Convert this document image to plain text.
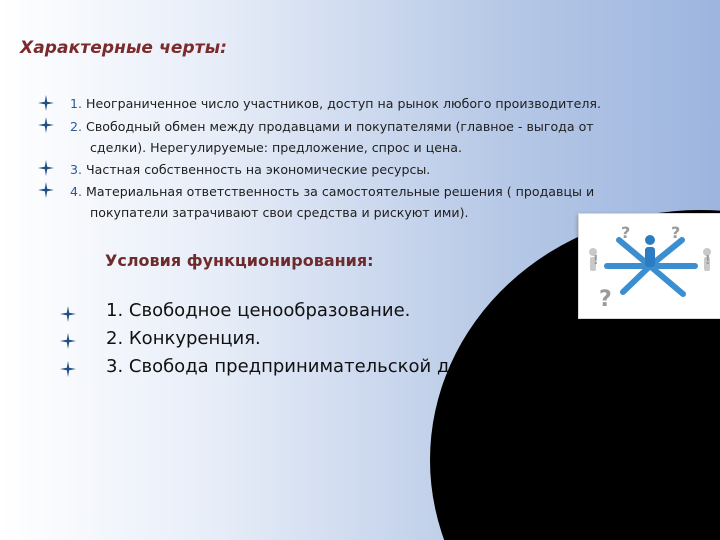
Характерные черты:
1. Неограниченное число участников, доступ на рынок любого производителя.
2. Свободный обмен между продавцами и покупателями (главное - выгода от
сделки). Нерегулируемые: предложение, спрос и цена.
3. Частная собственность на экономические ресурсы.
4. Материальная ответственность за самостоятельные решения ( продавцы и
покупатели затрачивают свои средства и рискуют ими).
?	?
?
!	!
Условия функционирования:
1. Свободное ценообразование.
2. Конкуренция.
3. Свобода предпринимательской д
